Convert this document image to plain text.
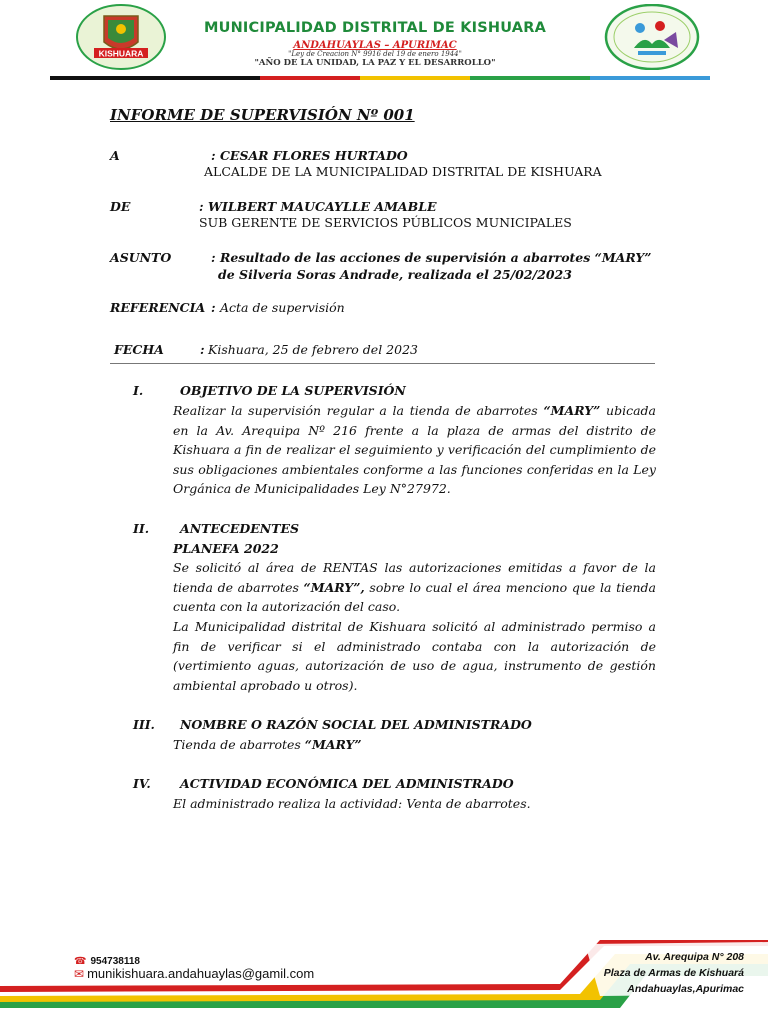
KISHUARA
MUNICIPALIDAD DISTRITAL DE KISHUARA
ANDAHUAYLAS – APURIMAC
"Ley de Creacion N° 9916 del 19 de enero 1944"
"AÑO DE LA UNIDAD, LA PAZ Y EL DESARROLLO"
INFORME DE SUPERVISIÓN Nº 001
A	: CESAR FLORES HURTADO
ALCALDE DE LA MUNICIPALIDAD DISTRITAL DE KISHUARA
DE	: WILBERT MAUCAYLLE AMABLE
SUB GERENTE DE SERVICIOS PÚBLICOS MUNICIPALES
ASUNTO	: Resultado de las acciones de supervisión a abarrotes “MARY”
de Silveria Soras Andrade, realizada el 25/02/2023
REFERENCIA : Acta de supervisión
FECHA	: Kishuara, 25 de febrero del 2023
I.	OBJETIVO DE LA SUPERVISIÓN
Realizar la supervisión regular a la tienda de abarrotes “MARY” ubicada en la Av. Arequipa Nº 216 frente a la plaza de armas del distrito de Kishuara a fin de realizar el seguimiento y verificación del cumplimiento de sus obligaciones ambientales conforme a las funciones conferidas en la Ley Orgánica de Municipalidades Ley N°27972.
II. ANTECEDENTES
PLANEFA 2022
Se solicitó al área de RENTAS las autorizaciones emitidas a favor de la tienda de abarrotes “MARY”, sobre lo cual el área menciono que la tienda cuenta con la autorización del caso.
La Municipalidad distrital de Kishuara solicitó al administrado permiso a fin de verificar si el administrado contaba con la autorización de (vertimiento aguas, autorización de uso de agua, instrumento de gestión ambiental aprobado u otros).
III. NOMBRE O RAZÓN SOCIAL DEL ADMINISTRADO
Tienda de abarrotes “MARY”
IV. ACTIVIDAD ECONÓMICA DEL ADMINISTRADO
El administrado realiza la actividad: Venta de abarrotes.
☎ 954738118
✉ munikishuara.andahuaylas@gamil.com
Av. Arequipa N° 208
Plaza de Armas de Kishuará
Andahuaylas,Apurimac
